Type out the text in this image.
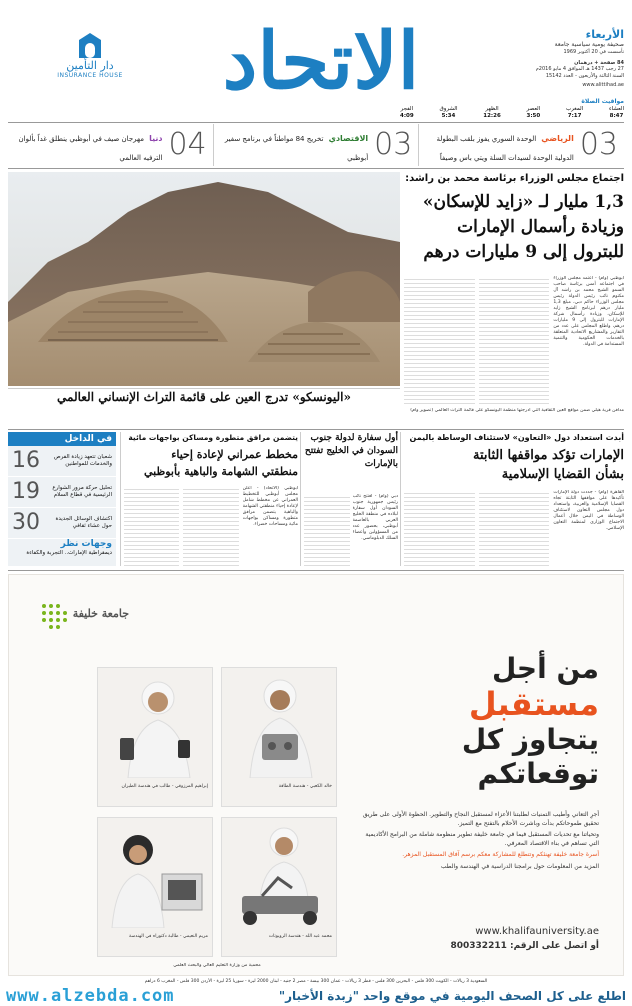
دار التأمين
INSURANCE HOUSE	الاتحاد	الأربعاء
صحيفة يومية سياسية جامعة
تأسست في 20 أكتوبر 1969
84 صفحة + درهمان
27 رجب 1437 هـ الموافق 4 مايو 2016م
السنة الثالثة والأربعون - العدد 15142
www.alittihad.ae
مواقيت الصلاة
الفجر
4:09
الشروق
5:34
الظهر
12:26
العصر
3:50
المغرب
7:17
العشاء
8:47
03
الرياضي الوحدة السوري يفوز بلقب البطولة الدولية الوحدة لسيدات السلة ويتي باس وصيفاً
03
الاقتصادي تخريج 84 مواطناً في برنامج سفير أبوظبي
04
دنيا مهرجان صيف في أبوظبي ينطلق غداً بألوان الترفيه العالمي
«اليونسكو» تدرج العين على قائمة التراث الإنساني العالمي
مدافن قرية هيلي ضمن مواقع العين الثقافية التي أدرجتها منظمة اليونسكو على قائمة التراث العالمي (تصوير وام)
اجتماع مجلس الوزراء برئاسة محمد بن راشد:
1,3 مليار لـ «زايد للإسكان»
وزيادة رأسمال الإمارات
للبترول إلى 9 مليارات درهم
أبوظبي (وام) - اعتمد مجلس الوزراء في اجتماعه أمس برئاسة صاحب السمو الشيخ محمد بن راشد آل مكتوم نائب رئيس الدولة رئيس مجلس الوزراء حاكم دبي، مبلغ 1,3 مليار درهم لبرنامج الشيخ زايد للإسكان، وزيادة رأسمال شركة الإمارات للبترول إلى 9 مليارات درهم، واطلع المجلس على عدد من التقارير والمشاريع الاتحادية المتعلقة بالخدمات الحكومية والتنمية المستدامة في الدولة.
أبدت استعداد دول «التعاون» لاستئناف الوساطة باليمن
الإمارات تؤكد مواقفها الثابتة
بشأن القضايا الإسلامية
القاهرة (وام) - جددت دولة الإمارات تأكيدها على مواقفها الثابتة تجاه القضايا الإسلامية والعربية، واستعداد دول مجلس التعاون لاستئناف الوساطة في اليمن خلال أعمال الاجتماع الوزاري لمنظمة التعاون الإسلامي.
أول سفارة لدولة جنوب السودان في الخليج تفتتح بالإمارات
دبي (وام) - افتتح نائب رئيس جمهورية جنوب السودان أول سفارة لبلاده في منطقة الخليج العربي بالعاصمة أبوظبي، بحضور عدد من المسؤولين وأعضاء السلك الدبلوماسي.
يتضمن مرافق متطورة ومساكن بواجهات مائية
مخطط عمراني لإعادة إحياء
منطقتي الشهامة والباهية بأبوظبي
أبوظبي (الاتحاد) - أعلن مجلس أبوظبي للتخطيط العمراني عن مخطط شامل لإعادة إحياء منطقتي الشهامة والباهية يتضمن مرافق متطورة ومساكن بواجهات مائية ومساحات خضراء.
في الداخل
16	شعبان تتعهد زيادة الفرص والخدمات للمواطنين
19	تحليل حركة مرور الشوارع الرئيسية في قطاع السلام
30	اكتشاف الوسائل الجديدة حول عشاء ثقافي
وجهات نظر
ديمقراطية الإمارات.. التجربة والكفاءة
جامعة خليفة
إبراهيم المرزوقي - طالب في هندسة الطيران	خالد الكعبي - هندسة الطاقة
مريم النعيمي - طالبة دكتوراه في الهندسة	محمد عبد الله - هندسة الروبوتات
محمية من وزارة التعليم العالي والبحث العلمي
من أجل
مستقبل
يتجاوز كل
توقعاتكم
أجرِ التعاني وأطيب التمنيات لطلبتنا الأعزاء لمستقبل النجاح والتطوير. الحظوة الأولى على طريق تحقيق طموحاتكم بدأت وباشرت الأحلام بالتفتح مع التميز.
وتحياتنا مع تحديات المستقبل فيما في جامعة خليفة تطوير منظومة شاملة من البرامج الأكاديمية التي تساهم في بناء الاقتصاد المعرفي.
أسرة جامعة خليفة تهنئكم وتتطلع للمشاركة معكم برسم آفاق المستقبل المزهر.
المزيد من المعلومات حول برامجنا الدراسية في الهندسة والطب
www.khalifauniversity.ae
أو اتصل على الرقم: 800332211
السعودية 3 ريالات - الكويت 300 فلس - البحرين 300 فلس - قطر 3 ريالات - عمان 300 بيسة - مصر 2 جنيه - لبنان 2000 ليرة - سوريا 25 ليرة - الأردن 300 فلس - المغرب 6 دراهم
www.alzebda.com	اطلع على كل الصحف اليومية في موقع واحد "زبدة الأخبار"
